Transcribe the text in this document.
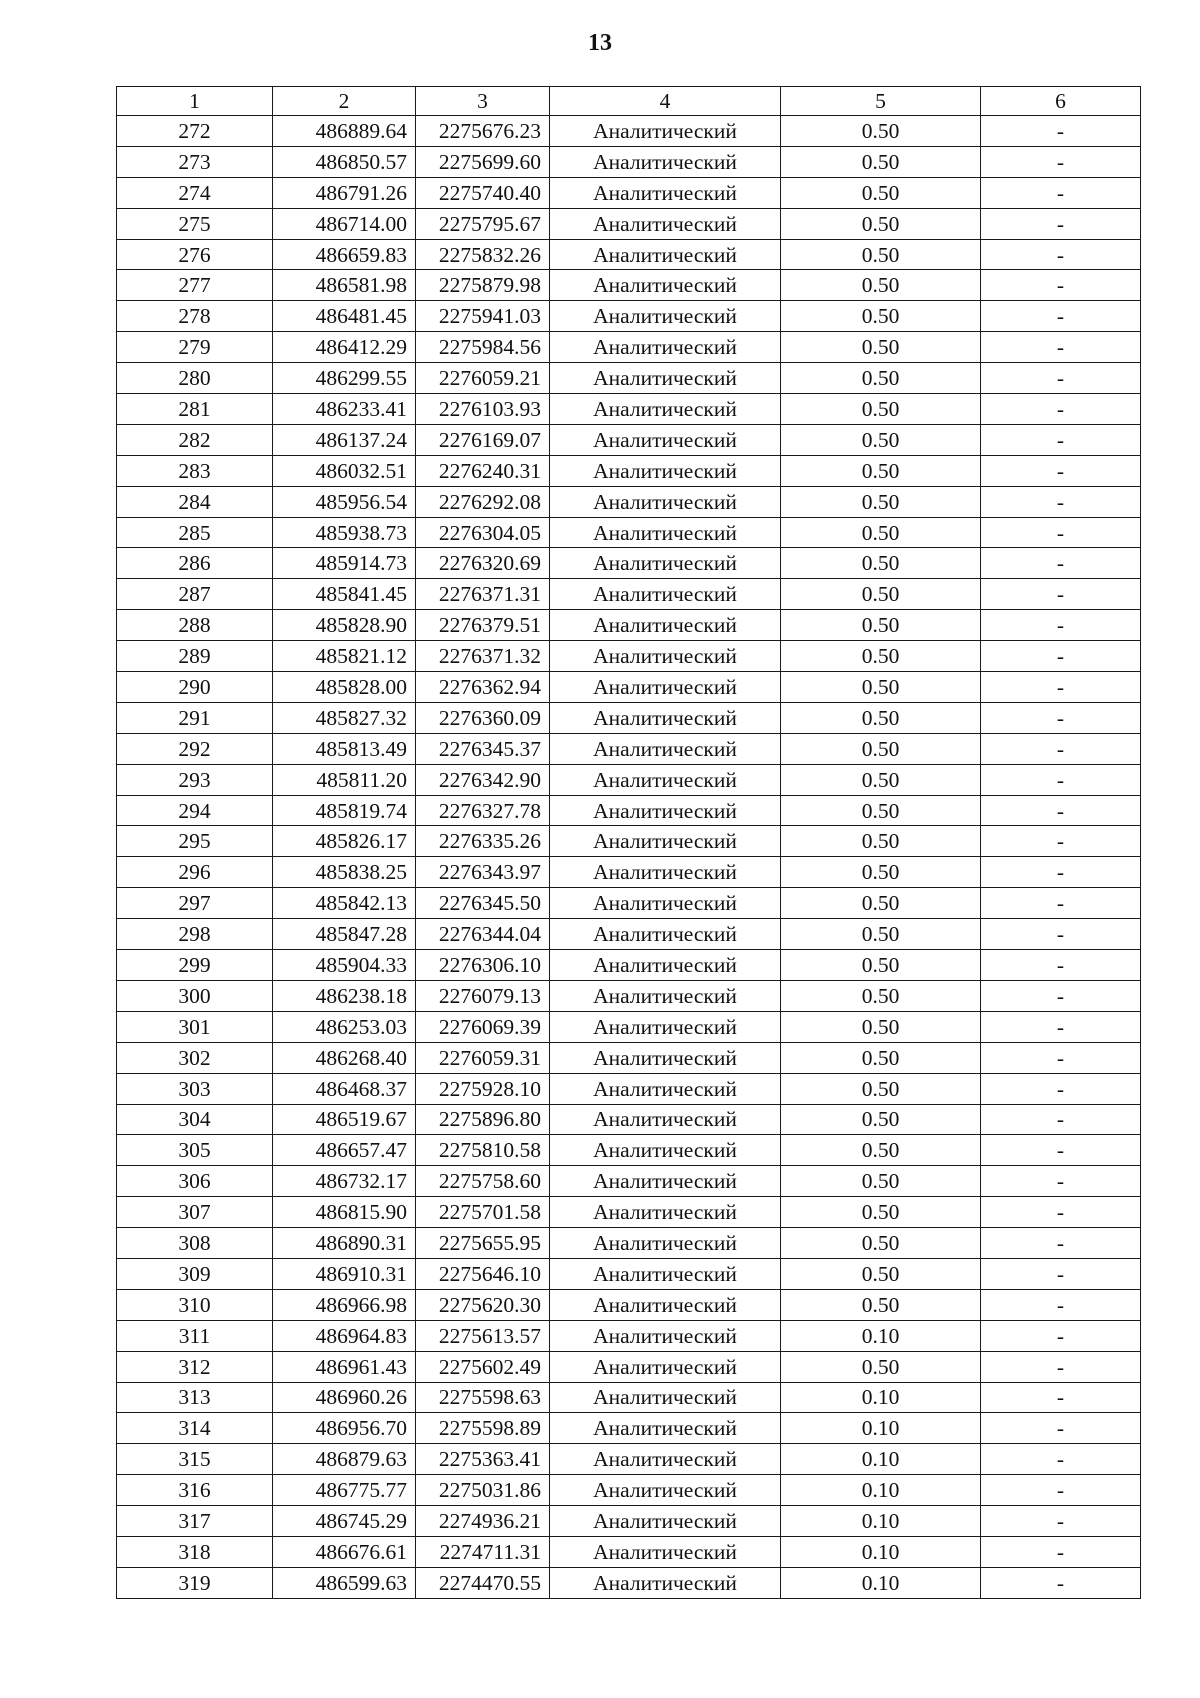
13
1	2	3	4	5	6
272	486889.64	2275676.23	Аналитический	0.50	-
273	486850.57	2275699.60	Аналитический	0.50	-
274	486791.26	2275740.40	Аналитический	0.50	-
275	486714.00	2275795.67	Аналитический	0.50	-
276	486659.83	2275832.26	Аналитический	0.50	-
277	486581.98	2275879.98	Аналитический	0.50	-
278	486481.45	2275941.03	Аналитический	0.50	-
279	486412.29	2275984.56	Аналитический	0.50	-
280	486299.55	2276059.21	Аналитический	0.50	-
281	486233.41	2276103.93	Аналитический	0.50	-
282	486137.24	2276169.07	Аналитический	0.50	-
283	486032.51	2276240.31	Аналитический	0.50	-
284	485956.54	2276292.08	Аналитический	0.50	-
285	485938.73	2276304.05	Аналитический	0.50	-
286	485914.73	2276320.69	Аналитический	0.50	-
287	485841.45	2276371.31	Аналитический	0.50	-
288	485828.90	2276379.51	Аналитический	0.50	-
289	485821.12	2276371.32	Аналитический	0.50	-
290	485828.00	2276362.94	Аналитический	0.50	-
291	485827.32	2276360.09	Аналитический	0.50	-
292	485813.49	2276345.37	Аналитический	0.50	-
293	485811.20	2276342.90	Аналитический	0.50	-
294	485819.74	2276327.78	Аналитический	0.50	-
295	485826.17	2276335.26	Аналитический	0.50	-
296	485838.25	2276343.97	Аналитический	0.50	-
297	485842.13	2276345.50	Аналитический	0.50	-
298	485847.28	2276344.04	Аналитический	0.50	-
299	485904.33	2276306.10	Аналитический	0.50	-
300	486238.18	2276079.13	Аналитический	0.50	-
301	486253.03	2276069.39	Аналитический	0.50	-
302	486268.40	2276059.31	Аналитический	0.50	-
303	486468.37	2275928.10	Аналитический	0.50	-
304	486519.67	2275896.80	Аналитический	0.50	-
305	486657.47	2275810.58	Аналитический	0.50	-
306	486732.17	2275758.60	Аналитический	0.50	-
307	486815.90	2275701.58	Аналитический	0.50	-
308	486890.31	2275655.95	Аналитический	0.50	-
309	486910.31	2275646.10	Аналитический	0.50	-
310	486966.98	2275620.30	Аналитический	0.50	-
311	486964.83	2275613.57	Аналитический	0.10	-
312	486961.43	2275602.49	Аналитический	0.50	-
313	486960.26	2275598.63	Аналитический	0.10	-
314	486956.70	2275598.89	Аналитический	0.10	-
315	486879.63	2275363.41	Аналитический	0.10	-
316	486775.77	2275031.86	Аналитический	0.10	-
317	486745.29	2274936.21	Аналитический	0.10	-
318	486676.61	2274711.31	Аналитический	0.10	-
319	486599.63	2274470.55	Аналитический	0.10	-
